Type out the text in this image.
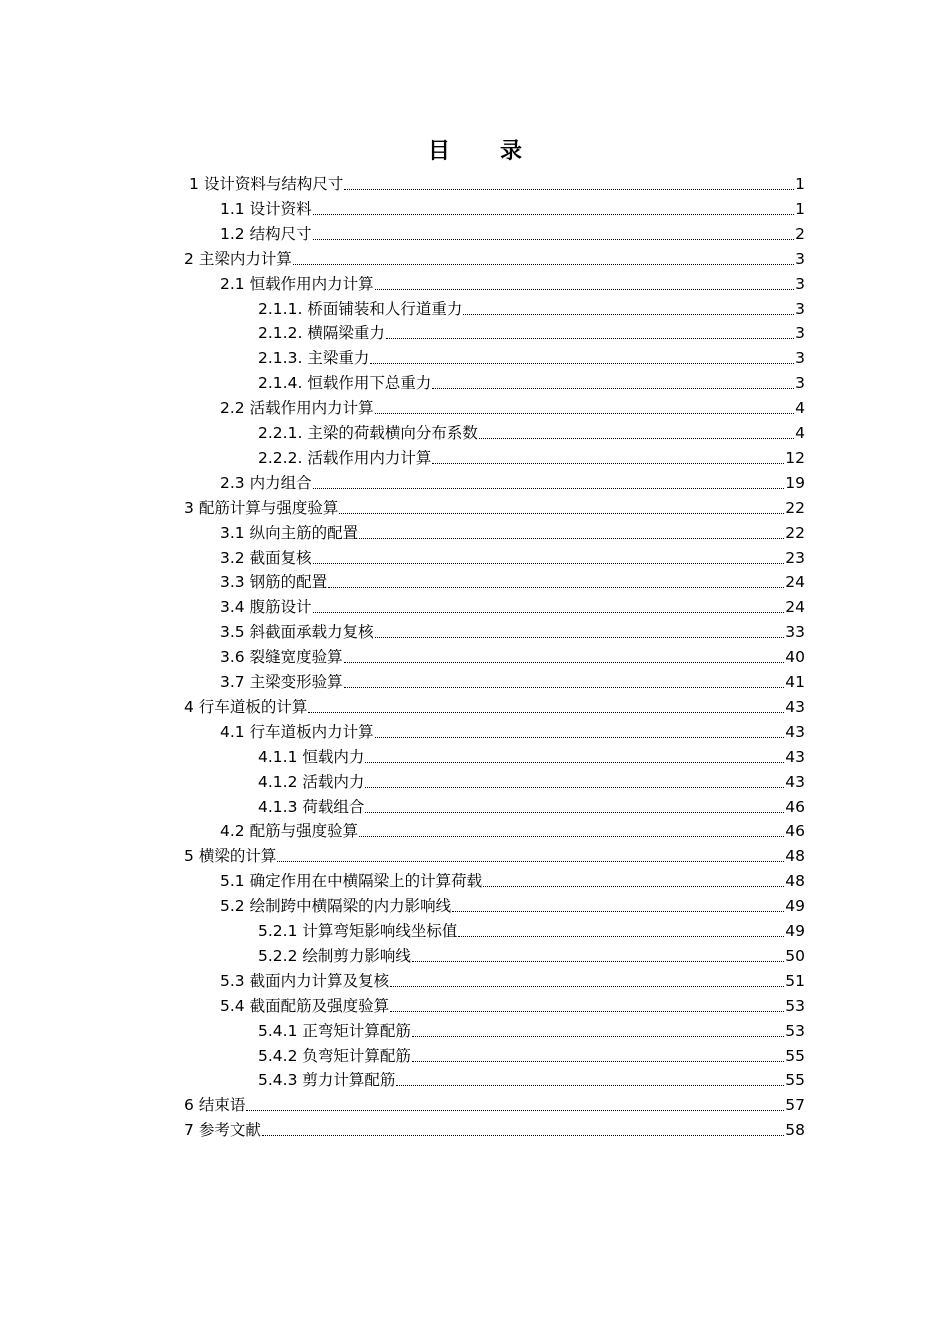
目　录
1 设计资料与结构尺寸	1
1.1 设计资料	1
1.2 结构尺寸	2
2 主梁内力计算	3
2.1 恒载作用内力计算	3
2.1.1. 桥面铺装和人行道重力	3
2.1.2. 横隔梁重力	3
2.1.3. 主梁重力	3
2.1.4. 恒载作用下总重力	3
2.2 活载作用内力计算	4
2.2.1. 主梁的荷载横向分布系数	4
2.2.2. 活载作用内力计算	12
2.3 内力组合	19
3 配筋计算与强度验算	22
3.1 纵向主筋的配置	22
3.2 截面复核	23
3.3 钢筋的配置	24
3.4 腹筋设计	24
3.5 斜截面承载力复核	33
3.6 裂缝宽度验算	40
3.7 主梁变形验算	41
4 行车道板的计算	43
4.1 行车道板内力计算	43
4.1.1 恒载内力	43
4.1.2 活载内力	43
4.1.3 荷载组合	46
4.2 配筋与强度验算	46
5 横梁的计算	48
5.1 确定作用在中横隔梁上的计算荷载	48
5.2 绘制跨中横隔梁的内力影响线	49
5.2.1 计算弯矩影响线坐标值	49
5.2.2 绘制剪力影响线	50
5.3 截面内力计算及复核	51
5.4 截面配筋及强度验算	53
5.4.1 正弯矩计算配筋	53
5.4.2 负弯矩计算配筋	55
5.4.3 剪力计算配筋	55
6 结束语	57
7 参考文献	58
